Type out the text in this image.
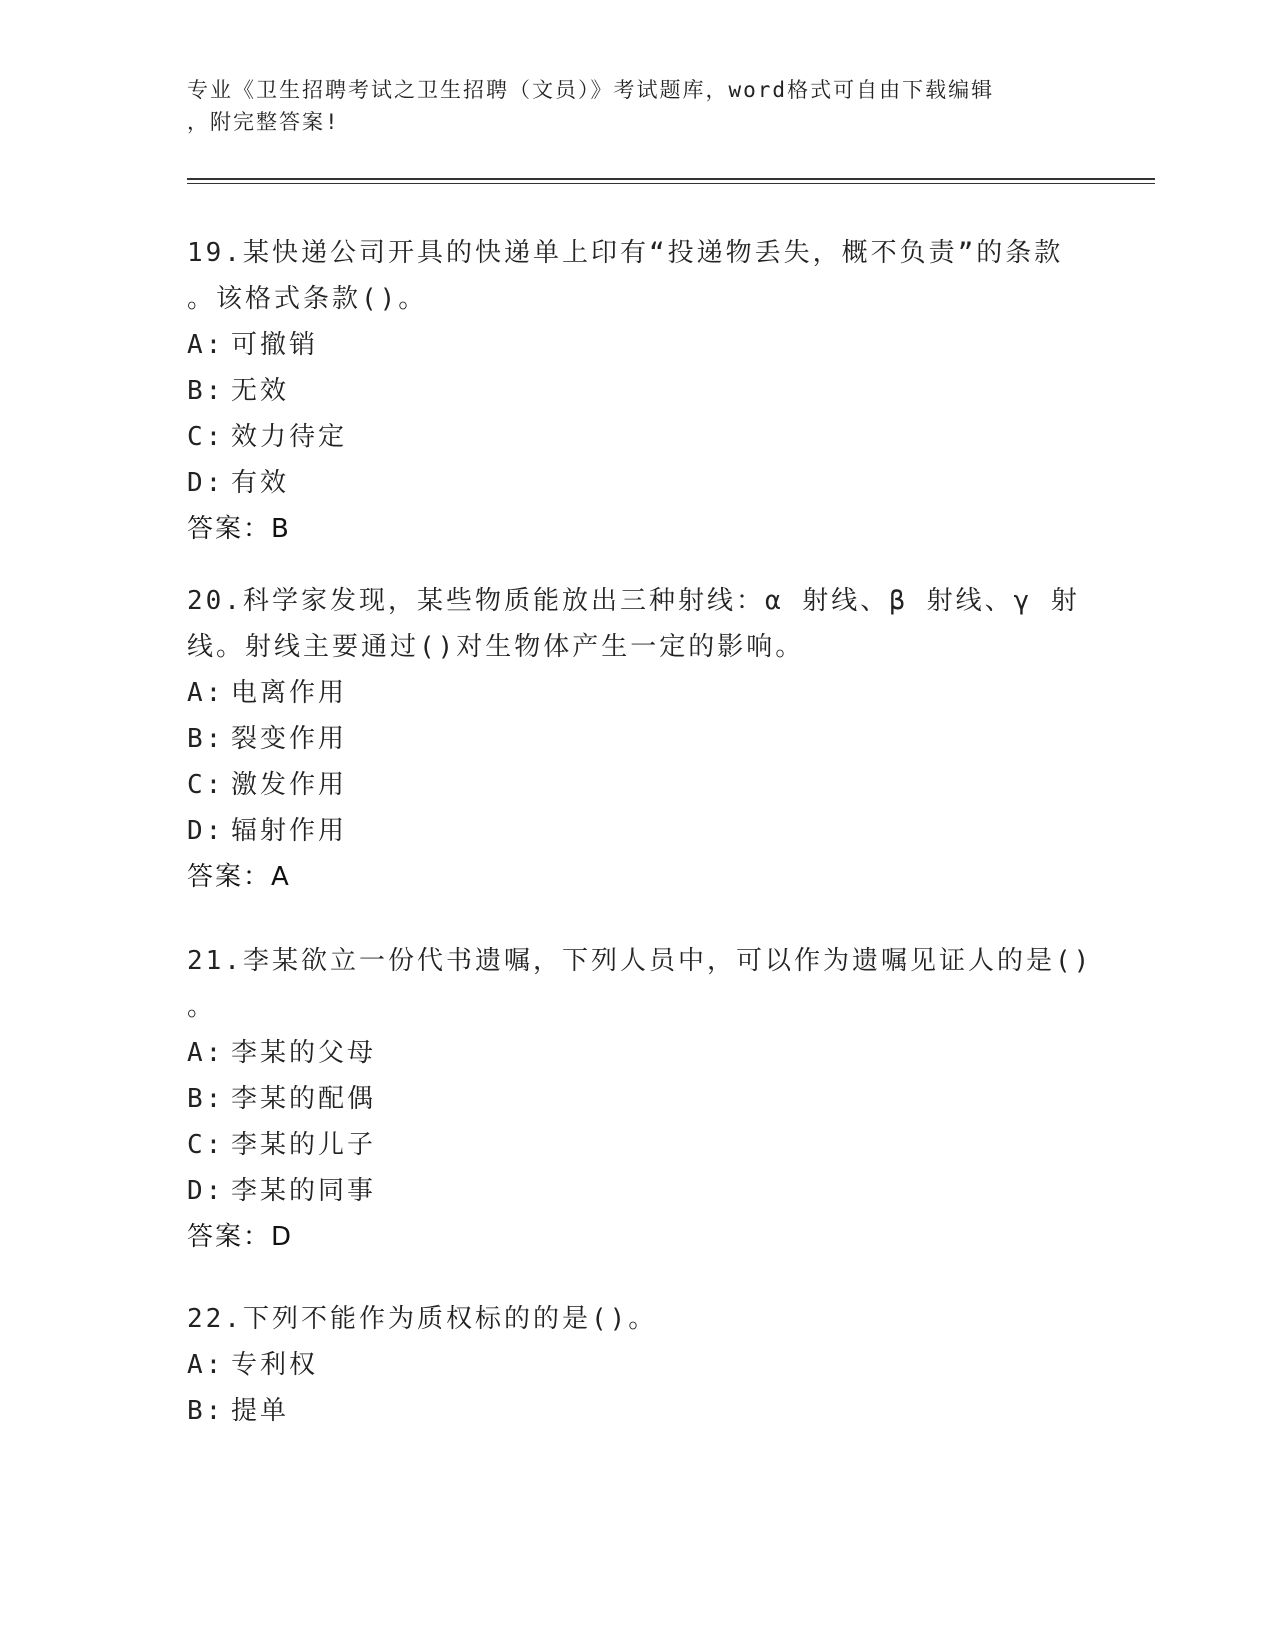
专业《卫生招聘考试之卫生招聘（文员）》考试题库，word格式可自由下载编辑
，附完整答案!
19.某快递公司开具的快递单上印有“投递物丢失，概不负责”的条款
。该格式条款()。
A: 可撤销
B: 无效
C: 效力待定
D: 有效
答案：B
20.科学家发现，某些物质能放出三种射线：α 射线、β 射线、γ 射
线。射线主要通过()对生物体产生一定的影响。
A: 电离作用
B: 裂变作用
C: 激发作用
D: 辐射作用
答案：A
21.李某欲立一份代书遗嘱，下列人员中，可以作为遗嘱见证人的是()
。
A: 李某的父母
B: 李某的配偶
C: 李某的儿子
D: 李某的同事
答案：D
22.下列不能作为质权标的的是()。
A: 专利权
B: 提单
